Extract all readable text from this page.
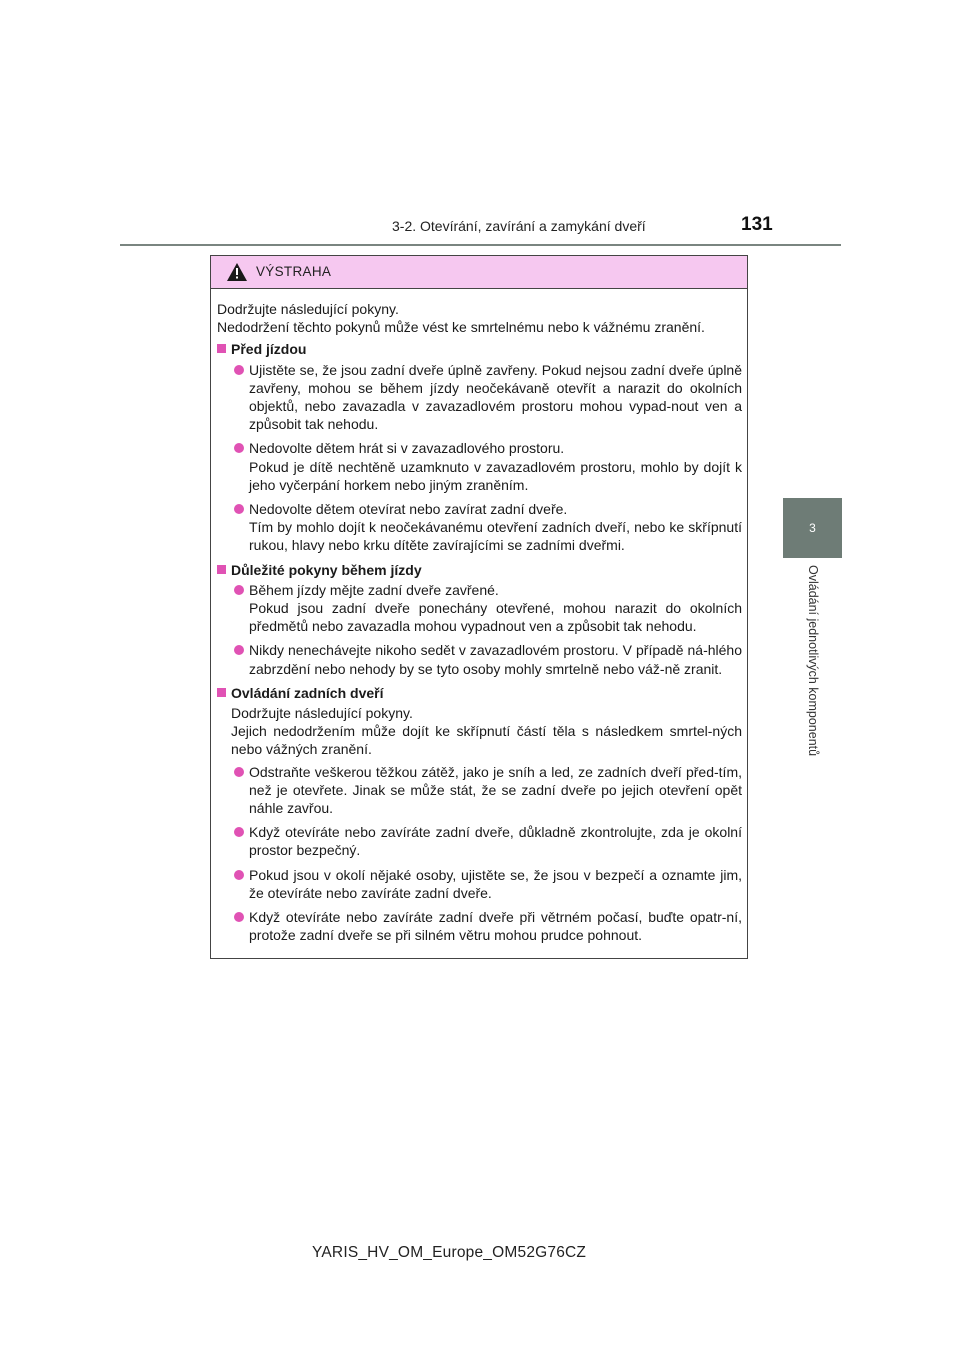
3-2. Otevírání, zavírání a zamykání dveří	131
3
Ovládání jednotlivých komponentů
VÝSTRAHA

Dodržujte následující pokyny.
Nedodržení těchto pokynů může vést ke smrtelnému nebo k vážnému zranění.

Před jízdou
Ujistěte se, že jsou zadní dveře úplně zavřeny. Pokud nejsou zadní dveře úplně zavřeny, mohou se během jízdy neočekávaně otevřít a narazit do okolních objektů, nebo zavazadla v zavazadlovém prostoru mohou vypad-nout ven a způsobit tak nehodu.
Nedovolte dětem hrát si v zavazadlového prostoru.
Pokud je dítě nechtěně uzamknuto v zavazadlovém prostoru, mohlo by dojít k jeho vyčerpání horkem nebo jiným zraněním.
Nedovolte dětem otevírat nebo zavírat zadní dveře.
Tím by mohlo dojít k neočekávanému otevření zadních dveří, nebo ke skřípnutí rukou, hlavy nebo krku dítěte zavírajícími se zadními dveřmi.
Důležité pokyny během jízdy
Během jízdy mějte zadní dveře zavřené.
Pokud jsou zadní dveře ponechány otevřené, mohou narazit do okolních předmětů nebo zavazadla mohou vypadnout ven a způsobit tak nehodu.
Nikdy nenechávejte nikoho sedět v zavazadlovém prostoru. V případě ná-hlého zabrzdění nebo nehody by se tyto osoby mohly smrtelně nebo váž-ně zranit.
Ovládání zadních dveří

Dodržujte následující pokyny.
Jejich nedodržením může dojít ke skřípnutí částí těla s následkem smrtel-ných nebo vážných zranění.

Odstraňte veškerou těžkou zátěž, jako je sníh a led, ze zadních dveří před-tím, než je otevřete. Jinak se může stát, že se zadní dveře po jejich otevření opět náhle zavřou.
Když otevíráte nebo zavíráte zadní dveře, důkladně zkontrolujte, zda je okolní prostor bezpečný.
Pokud jsou v okolí nějaké osoby, ujistěte se, že jsou v bezpečí a oznamte jim, že otevíráte nebo zavíráte zadní dveře.
Když otevíráte nebo zavíráte zadní dveře při větrném počasí, buďte opatr-ní, protože zadní dveře se při silném větru mohou prudce pohnout.
YARIS_HV_OM_Europe_OM52G76CZ
